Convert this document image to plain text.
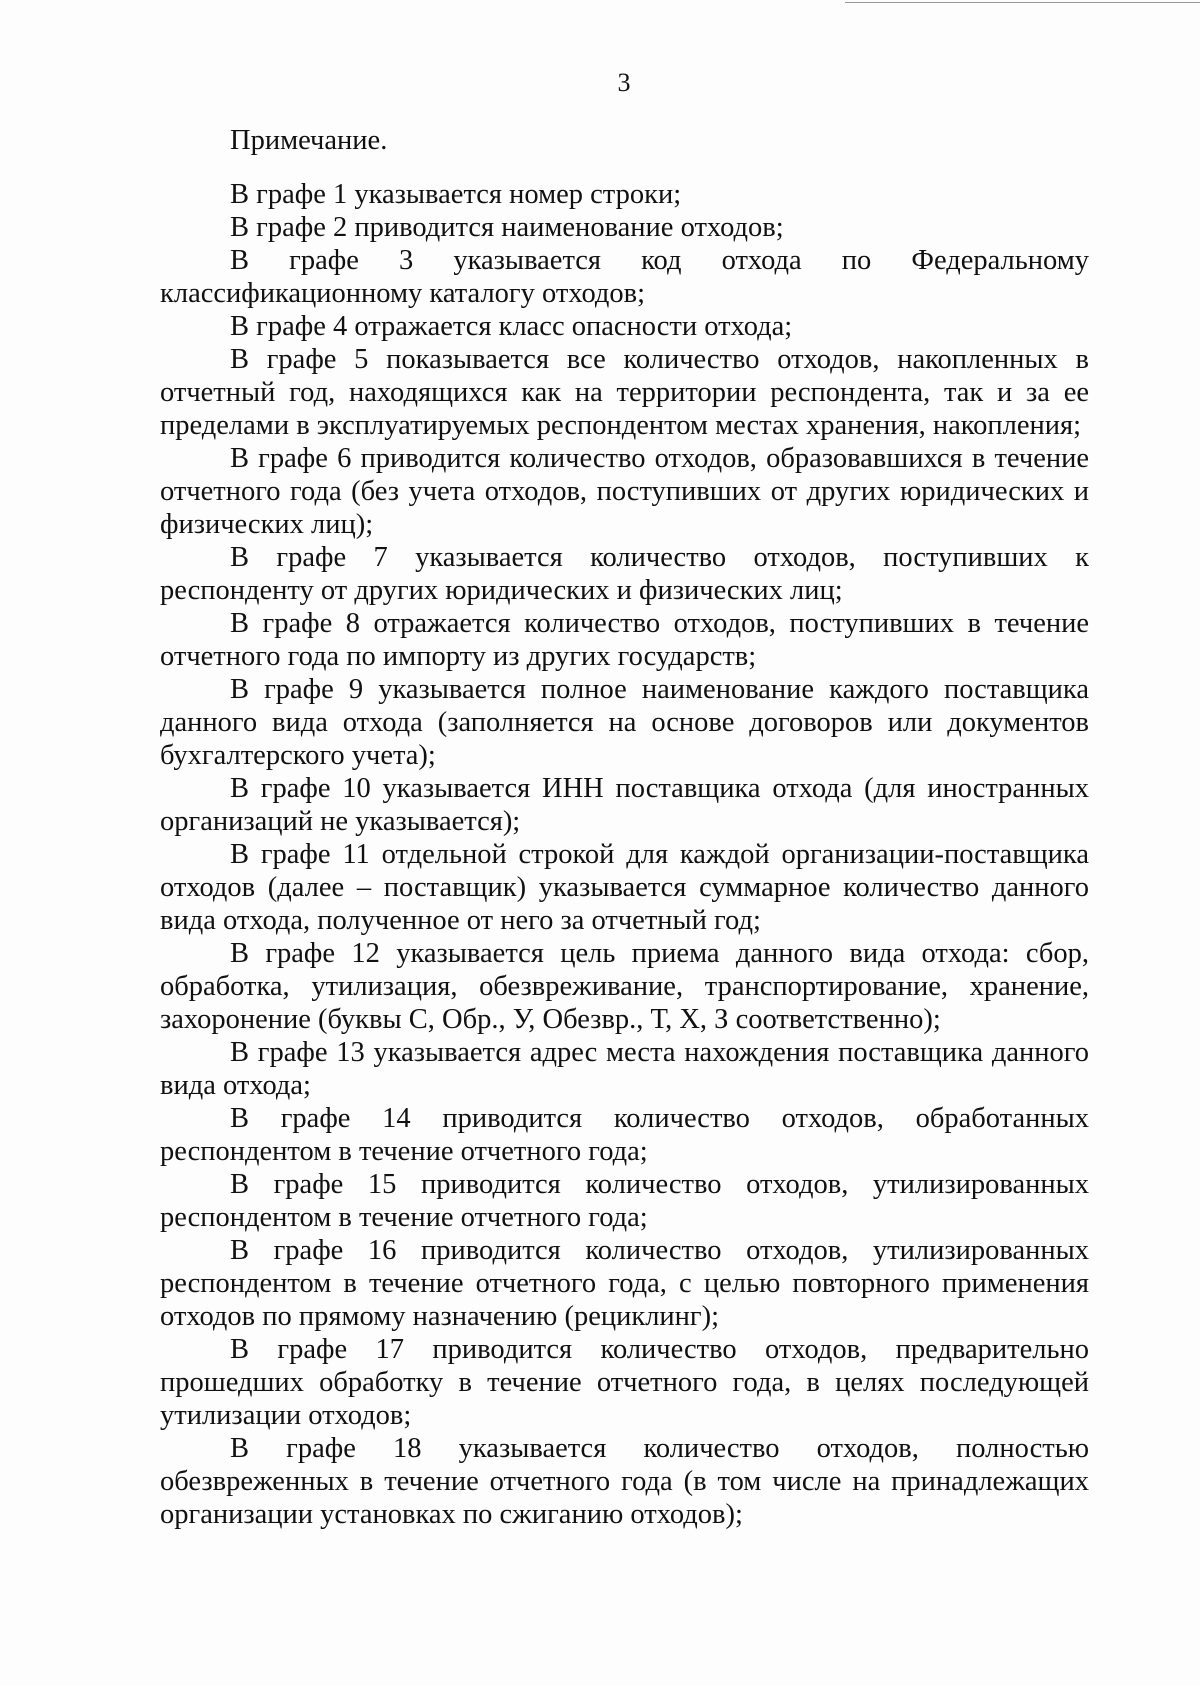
3

Примечание.

В графе 1 указывается номер строки;

В графе 2 приводится наименование отходов;

В графе 3 указывается код отхода по Федеральному классификационному каталогу отходов;

В графе 4 отражается класс опасности отхода;

В графе 5 показывается все количество отходов, накопленных в отчетный год, находящихся как на территории респондента, так и за ее пределами в эксплуатируемых респондентом местах хранения, накопления;

В графе 6 приводится количество отходов, образовавшихся в течение отчетного года (без учета отходов, поступивших от других юридических и физических лиц);

В графе 7 указывается количество отходов, поступивших к респонденту от других юридических и физических лиц;

В графе 8 отражается количество отходов, поступивших в течение отчетного года по импорту из других государств;

В графе 9 указывается полное наименование каждого поставщика данного вида отхода (заполняется на основе договоров или документов бухгалтерского учета);

В графе 10 указывается ИНН поставщика отхода (для иностранных организаций не указывается);

В графе 11 отдельной строкой для каждой организации-поставщика отходов (далее – поставщик) указывается суммарное количество данного вида отхода, полученное от него за отчетный год;

В графе 12 указывается цель приема данного вида отхода: сбор, обработка, утилизация, обезвреживание, транспортирование, хранение, захоронение (буквы С, Обр., У, Обезвр., Т, Х, З соответственно);

В графе 13 указывается адрес места нахождения поставщика данного вида отхода;

В графе 14 приводится количество отходов, обработанных респондентом в течение отчетного года;

В графе 15 приводится количество отходов, утилизированных респондентом в течение отчетного года;

В графе 16 приводится количество отходов, утилизированных респондентом в течение отчетного года, с целью повторного применения отходов по прямому назначению (рециклинг);

В графе 17 приводится количество отходов, предварительно прошедших обработку в течение отчетного года, в целях последующей утилизации отходов;

В графе 18 указывается количество отходов, полностью обезвреженных в течение отчетного года (в том числе на принадлежащих организации установках по сжиганию отходов);
